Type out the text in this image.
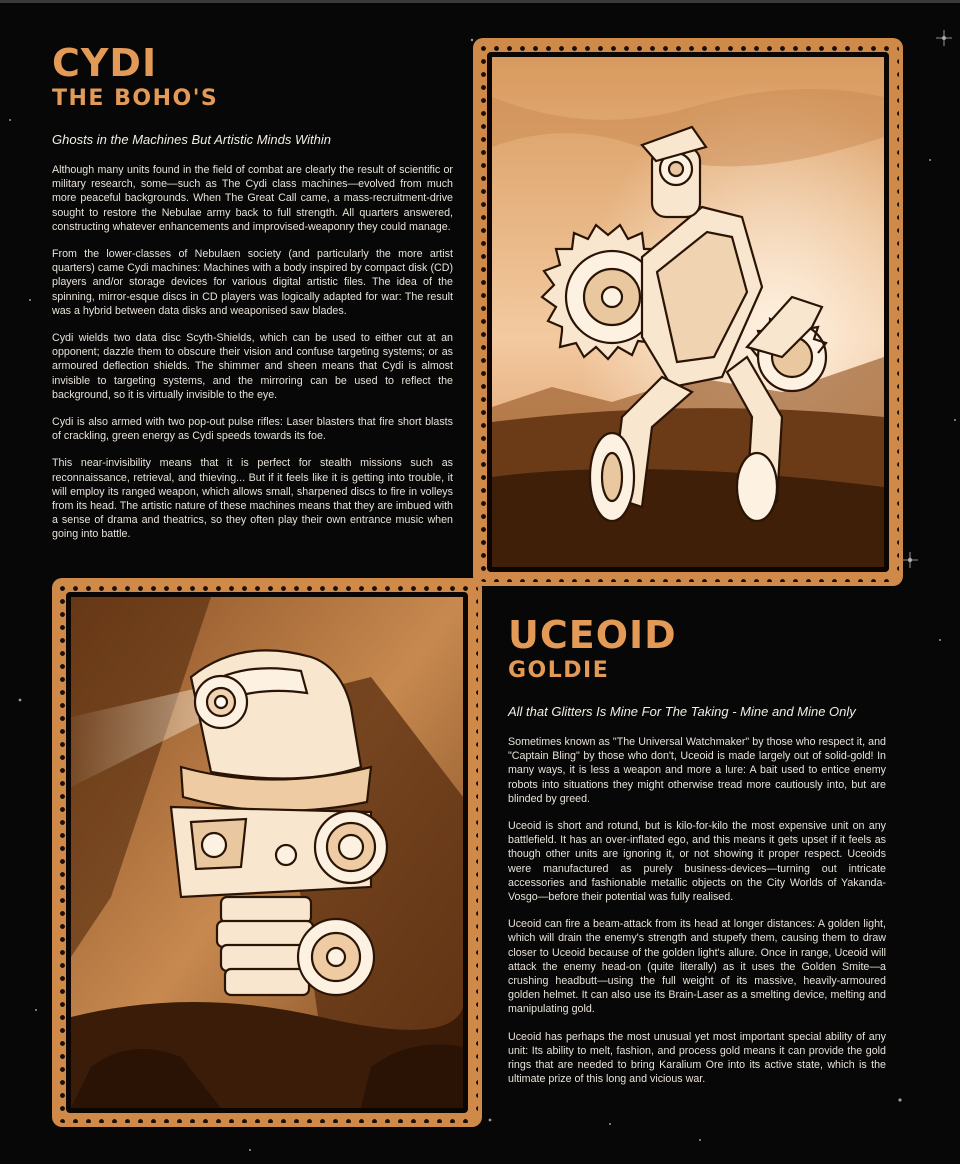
CYDI
THE BOHO'S

Ghosts in the Machines But Artistic Minds Within

Although many units found in the field of combat are clearly the result of scientific or military research, some—such as The Cydi class machines—evolved from much more peaceful backgrounds. When The Great Call came, a mass-recruitment-drive sought to restore the Nebulae army back to full strength. All quarters answered, constructing whatever enhancements and improvised-weaponry they could manage.

From the lower-classes of Nebulaen society (and particularly the more artist quarters) came Cydi machines: Machines with a body inspired by compact disk (CD) players and/or storage devices for various digital artistic files. The idea of the spinning, mirror-esque discs in CD players was logically adapted for war: The result was a hybrid between data disks and weaponised saw blades.

Cydi wields two data disc Scyth-Shields, which can be used to either cut at an opponent; dazzle them to obscure their vision and confuse targeting systems; or as armoured deflection shields. The shimmer and sheen means that Cydi is almost invisible to targeting systems, and the mirroring can be used to reflect the background, so it is virtually invisible to the eye.

Cydi is also armed with two pop-out pulse rifles: Laser blasters that fire short blasts of crackling, green energy as Cydi speeds towards its foe.

This near-invisibility means that it is perfect for stealth missions such as reconnaissance, retrieval, and thieving... But if it feels like it is getting into trouble, it will employ its ranged weapon, which allows small, sharpened discs to fire in volleys from its head. The artistic nature of these machines means that they are imbued with a sense of drama and theatrics, so they often play their own entrance music when going into battle.

UCEOID
GOLDIE

All that Glitters Is Mine For The Taking - Mine and Mine Only

Sometimes known as "The Universal Watchmaker" by those who respect it, and "Captain Bling" by those who don't, Uceoid is made largely out of solid-gold! In many ways, it is less a weapon and more a lure: A bait used to entice enemy robots into situations they might otherwise tread more cautiously into, but are blinded by greed.

Uceoid is short and rotund, but is kilo-for-kilo the most expensive unit on any battlefield. It has an over-inflated ego, and this means it gets upset if it feels as though other units are ignoring it, or not showing it proper respect. Uceoids were manufactured as purely business-devices—turning out intricate accessories and fashionable metallic objects on the City Worlds of Yakanda-Vosgo—before their potential was fully realised.

Uceoid can fire a beam-attack from its head at longer distances: A golden light, which will drain the enemy's strength and stupefy them, causing them to draw closer to Uceoid because of the golden light's allure. Once in range, Uceoid will attack the enemy head-on (quite literally) as it uses the Golden Smite—a crushing headbutt—using the full weight of its massive, heavily-armoured golden helmet. It can also use its Brain-Laser as a smelting device, melting and manipulating gold.

Uceoid has perhaps the most unusual yet most important special ability of any unit: Its ability to melt, fashion, and process gold means it can provide the gold rings that are needed to bring Karalium Ore into its active state, which is the ultimate prize of this long and vicious war.
